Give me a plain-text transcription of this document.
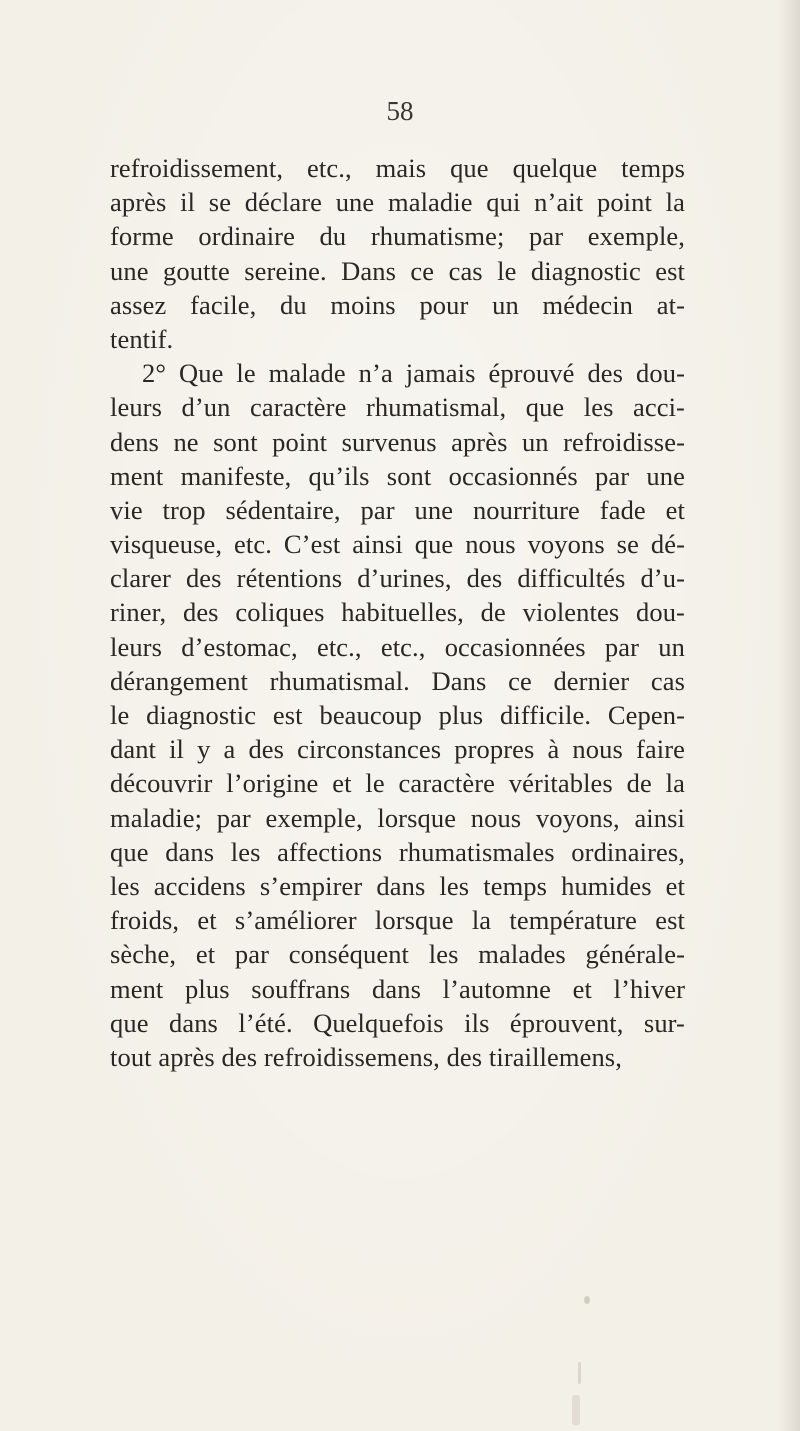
58
refroidissement, etc., mais que quelque temps
après il se déclare une maladie qui n’ait point la
forme ordinaire du rhumatisme; par exemple,
une goutte sereine. Dans ce cas le diagnostic est
assez facile, du moins pour un médecin at-
tentif.
2° Que le malade n’a jamais éprouvé des dou-
leurs d’un caractère rhumatismal, que les acci-
dens ne sont point survenus après un refroidisse-
ment manifeste, qu’ils sont occasionnés par une
vie trop sédentaire, par une nourriture fade et
visqueuse, etc. C’est ainsi que nous voyons se dé-
clarer des rétentions d’urines, des difficultés d’u-
riner, des coliques habituelles, de violentes dou-
leurs d’estomac, etc., etc., occasionnées par un
dérangement rhumatismal. Dans ce dernier cas
le diagnostic est beaucoup plus difficile. Cepen-
dant il y a des circonstances propres à nous faire
découvrir l’origine et le caractère véritables de la
maladie; par exemple, lorsque nous voyons, ainsi
que dans les affections rhumatismales ordinaires,
les accidens s’empirer dans les temps humides et
froids, et s’améliorer lorsque la température est
sèche, et par conséquent les malades générale-
ment plus souffrans dans l’automne et l’hiver
que dans l’été. Quelquefois ils éprouvent, sur-
tout après des refroidissemens, des tiraillemens,
